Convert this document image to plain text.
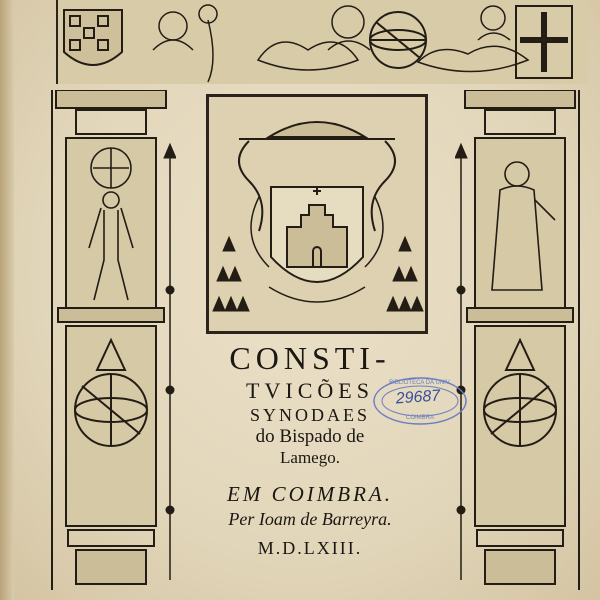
CONSTI-
TVICÕES
SYNODAES
do Bispado de
Lamego.
EM COIMBRA.
Per Ioam de Barreyra.
M.D.LXIII.
BIBLIOTECA DA UNIV.
29687
COIMBRA
